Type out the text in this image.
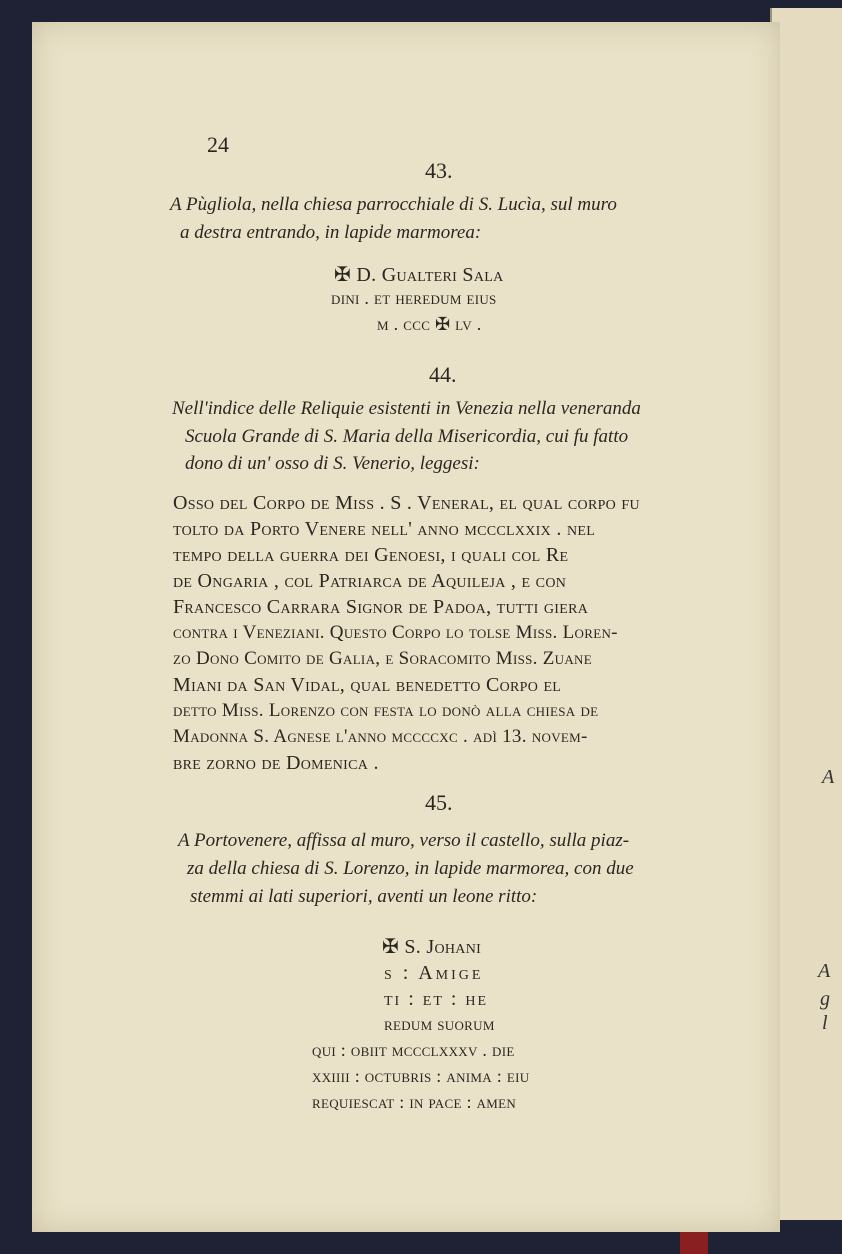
A
A
g
l
24
43.
A Pùgliola, nella chiesa parrocchiale di S. Lucìa, sul muro
a destra entrando, in lapide marmorea:
✠ D. Gualteri Sala
dini . et heredum eius
m . ccc ✠ lv .
44.
Nell'indice delle Reliquie esistenti in Venezia nella veneranda
Scuola Grande di S. Maria della Misericordia, cui fu fatto
dono di un' osso di S. Venerio, leggesi:
Osso del Corpo de Miss . S . Veneral, el qual corpo fu
tolto da Porto Venere nell' anno mccclxxix . nel
tempo della guerra dei Genoesi, i quali col Re
de Ongaria , col Patriarca de Aquileja , e con
Francesco Carrara Signor de Padoa, tutti giera
contra i Veneziani. Questo Corpo lo tolse Miss. Loren-
zo Dono Comito de Galia, e Soracomito Miss. Zuane
Miani da San Vidal, qual benedetto Corpo el
detto Miss. Lorenzo con festa lo donò alla chiesa de
Madonna S. Agnese l'anno mccccxc . adì 13. novem-
bre zorno de Domenica .
45.
A Portovenere, affissa al muro, verso il castello, sulla piaz-
za della chiesa di S. Lorenzo, in lapide marmorea, con due
stemmi ai lati superiori, aventi un leone ritto:
✠ S. Johani
s : Amige
ti : et : he
redum suorum
qui : obiit mccclxxxv . die
xxiiii : octubris : anima : eiu
requiescat : in pace : amen
